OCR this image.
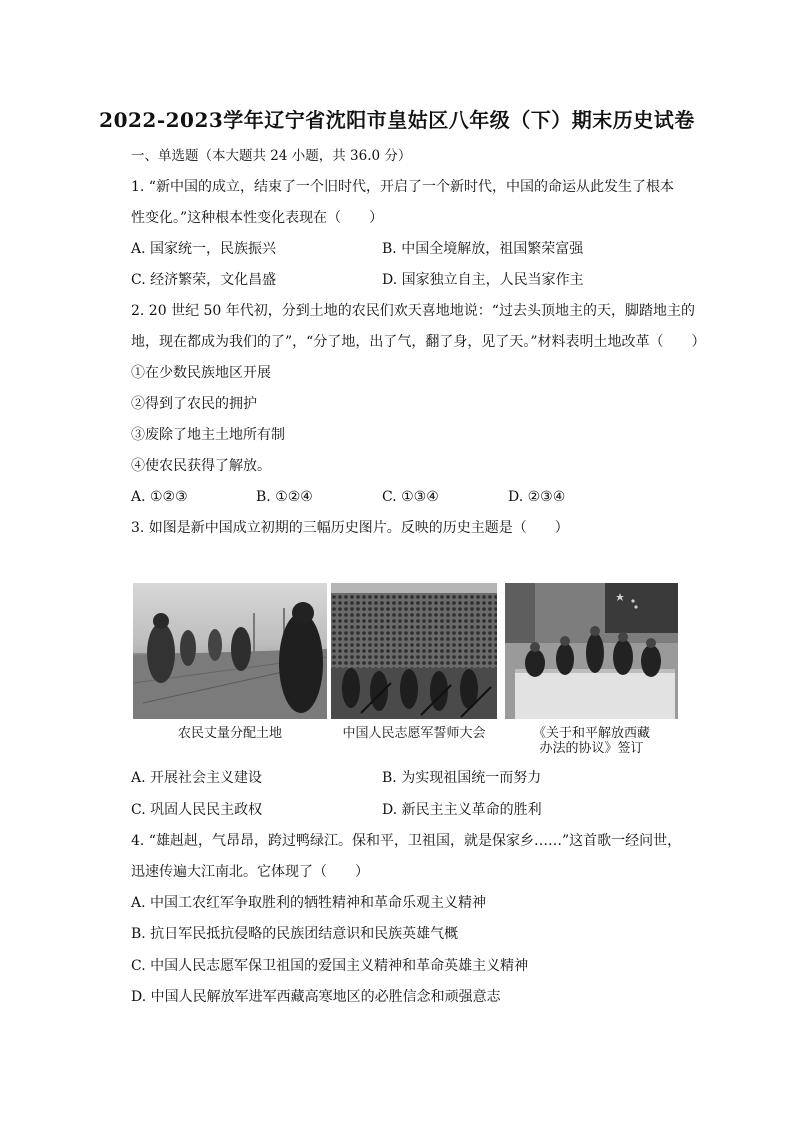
2022-2023学年辽宁省沈阳市皇姑区八年级（下）期末历史试卷
一、单选题（本大题共 24 小题，共 36.0 分）
1. “新中国的成立，结束了一个旧时代，开启了一个新时代，中国的命运从此发生了根本
性变化。”这种根本性变化表现在（　　）
A. 国家统一，民族振兴	B. 中国全境解放，祖国繁荣富强
C. 经济繁荣，文化昌盛	D. 国家独立自主，人民当家作主
2. 20 世纪 50 年代初，分到土地的农民们欢天喜地地说：“过去头顶地主的天，脚踏地主的
地，现在都成为我们的了”，“分了地，出了气，翻了身，见了天。”材料表明土地改革（　　）
①在少数民族地区开展
②得到了农民的拥护
③废除了地主土地所有制
④使农民获得了解放。
A. ①②③	B. ①②④	C. ①③④	D. ②③④
3. 如图是新中国成立初期的三幅历史图片。反映的历史主题是（　　）
农民丈量分配土地	中国人民志愿军誓师大会	《关于和平解放西藏
办法的协议》签订
A. 开展社会主义建设	B. 为实现祖国统一而努力
C. 巩固人民民主政权	D. 新民主主义革命的胜利
4. “雄赳赳，气昂昂，跨过鸭绿江。保和平，卫祖国，就是保家乡……”这首歌一经问世，
迅速传遍大江南北。它体现了（　　）
A. 中国工农红军争取胜利的牺牲精神和革命乐观主义精神
B. 抗日军民抵抗侵略的民族团结意识和民族英雄气概
C. 中国人民志愿军保卫祖国的爱国主义精神和革命英雄主义精神
D. 中国人民解放军进军西藏高寒地区的必胜信念和顽强意志
